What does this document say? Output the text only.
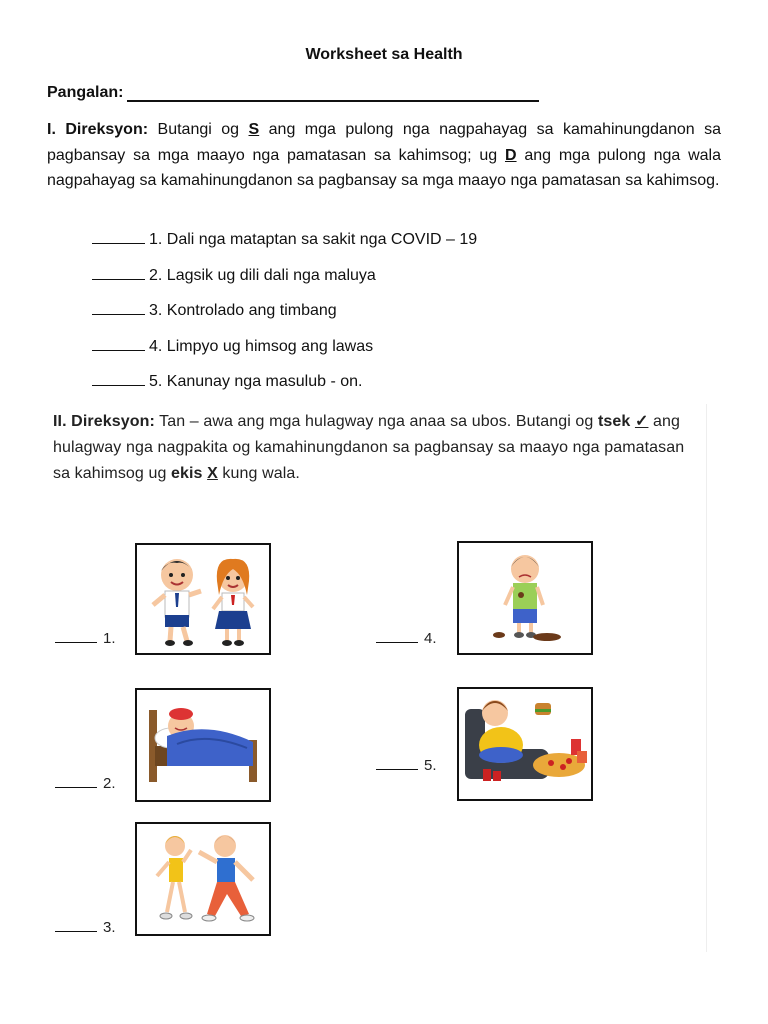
Worksheet sa Health
Pangalan:
I. Direksyon: Butangi og S ang mga pulong nga nagpahayag sa kamahinungdanon sa pagbansay sa mga maayo nga pamatasan sa kahimsog; ug D ang mga pulong nga wala nagpahayag sa kamahinungdanon sa pagbansay sa mga maayo nga pamatasan sa kahimsog.
1. Dali nga mataptan sa sakit nga COVID – 19
2. Lagsik ug dili dali nga maluya
3. Kontrolado ang timbang
4. Limpyo ug himsog ang lawas
5. Kanunay nga masulub - on.
II. Direksyon: Tan – awa ang mga hulagway nga anaa sa ubos. Butangi og tsek ✓ ang hulagway nga nagpakita og kamahinungdanon sa pagbansay sa maayo nga pamatasan sa kahimsog ug ekis X kung wala.
1.
2.
3.
4.
5.
